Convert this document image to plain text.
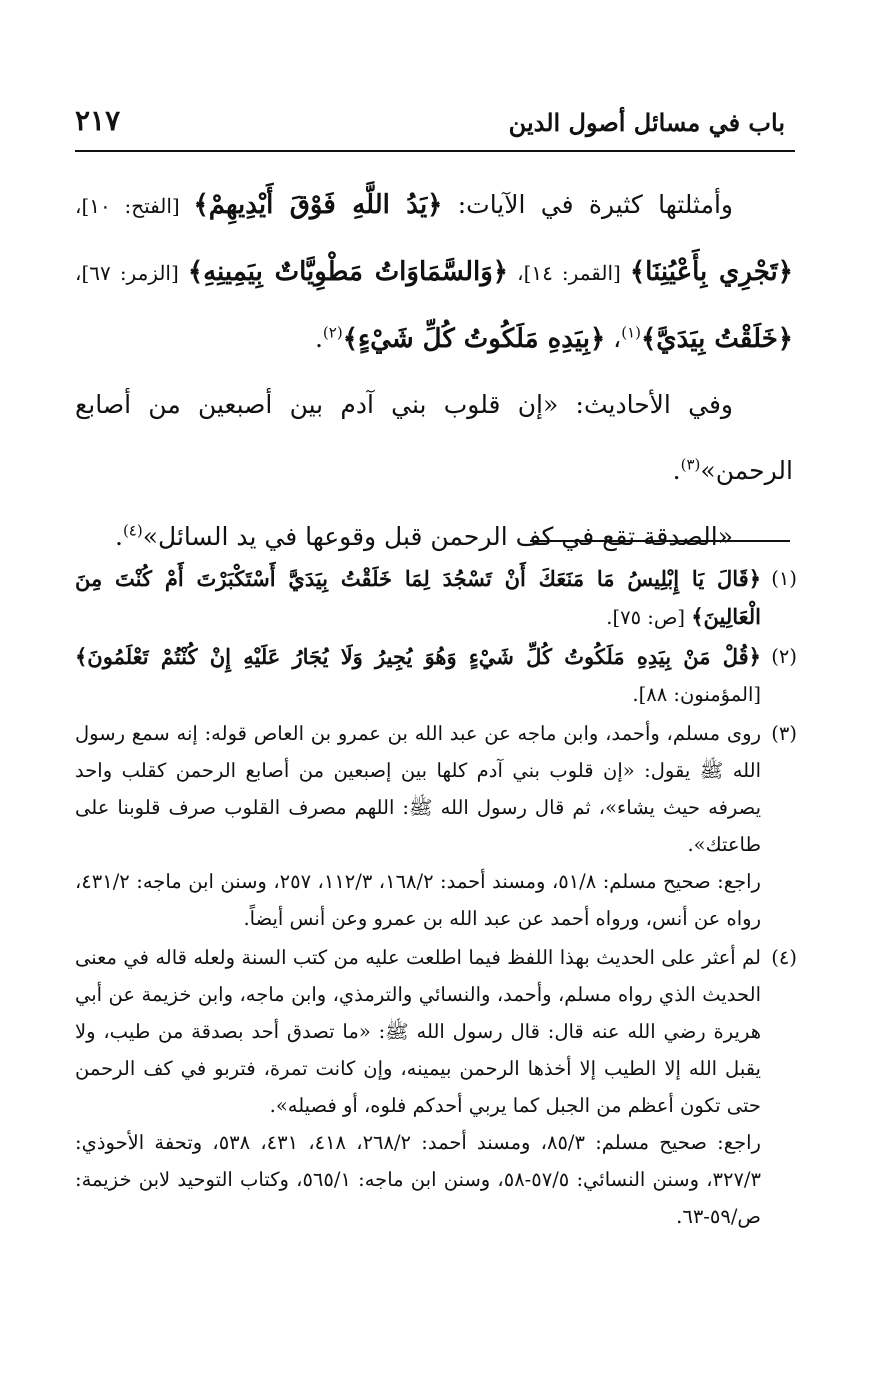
باب في مسائل أصول الدين
٢١٧

وأمثلتها كثيرة في الآيات: ﴿يَدُ اللَّهِ فَوْقَ أَيْدِيهِمْ﴾ [الفتح: ١٠]، ﴿تَجْرِي بِأَعْيُنِنَا﴾ [القمر: ١٤]، ﴿وَالسَّمَاوَاتُ مَطْوِيَّاتٌ بِيَمِينِهِ﴾ [الزمر: ٦٧]، ﴿خَلَقْتُ بِيَدَيَّ﴾$^{(١)}$، ﴿بِيَدِهِ مَلَكُوتُ كُلِّ شَيْءٍ﴾$^{(٢)}$.

وفي الأحاديث: «إن قلوب بني آدم بين أصبعين من أصابع الرحمن»$^{(٣)}$.

«الصدقة تقع في كف الرحمن قبل وقوعها في يد السائل»$^{(٤)}$.

(١)
﴿قَالَ يَا إِبْلِيسُ مَا مَنَعَكَ أَنْ تَسْجُدَ لِمَا خَلَقْتُ بِيَدَيَّ أَسْتَكْبَرْتَ أَمْ كُنْتَ مِنَ الْعَالِينَ﴾ [ص: ٧٥].
(٢)
﴿قُلْ مَنْ بِيَدِهِ مَلَكُوتُ كُلِّ شَيْءٍ وَهُوَ يُجِيرُ وَلَا يُجَارُ عَلَيْهِ إِنْ كُنْتُمْ تَعْلَمُونَ﴾ [المؤمنون: ٨٨].
(٣)

روى مسلم، وأحمد، وابن ماجه عن عبد الله بن عمرو بن العاص قوله: إنه سمع رسول الله ﷺ يقول: «إن قلوب بني آدم كلها بين إصبعين من أصابع الرحمن كقلب واحد يصرفه حيث يشاء»، ثم قال رسول الله ﷺ: اللهم مصرف القلوب صرف قلوبنا على طاعتك».

راجع: صحيح مسلم: ٥١/٨، ومسند أحمد: ١٦٨/٢، ١١٢/٣، ٢٥٧، وسنن ابن ماجه: ٤٣١/٢، رواه عن أنس، ورواه أحمد عن عبد الله بن عمرو وعن أنس أيضاً.

(٤)

لم أعثر على الحديث بهذا اللفظ فيما اطلعت عليه من كتب السنة ولعله قاله في معنى الحديث الذي رواه مسلم، وأحمد، والنسائي والترمذي، وابن ماجه، وابن خزيمة عن أبي هريرة رضي الله عنه قال: قال رسول الله ﷺ: «ما تصدق أحد بصدقة من طيب، ولا يقبل الله إلا الطيب إلا أخذها الرحمن بيمينه، وإن كانت تمرة، فتربو في كف الرحمن حتى تكون أعظم من الجبل كما يربي أحدكم فلوه، أو فصيله».

راجع: صحيح مسلم: ٨٥/٣، ومسند أحمد: ٢٦٨/٢، ٤١٨، ٤٣١، ٥٣٨، وتحفة الأحوذي: ٣٢٧/٣، وسنن النسائي: ٥٧/٥-٥٨، وسنن ابن ماجه: ٥٦٥/١، وكتاب التوحيد لابن خزيمة: ص/٥٩-٦٣.
